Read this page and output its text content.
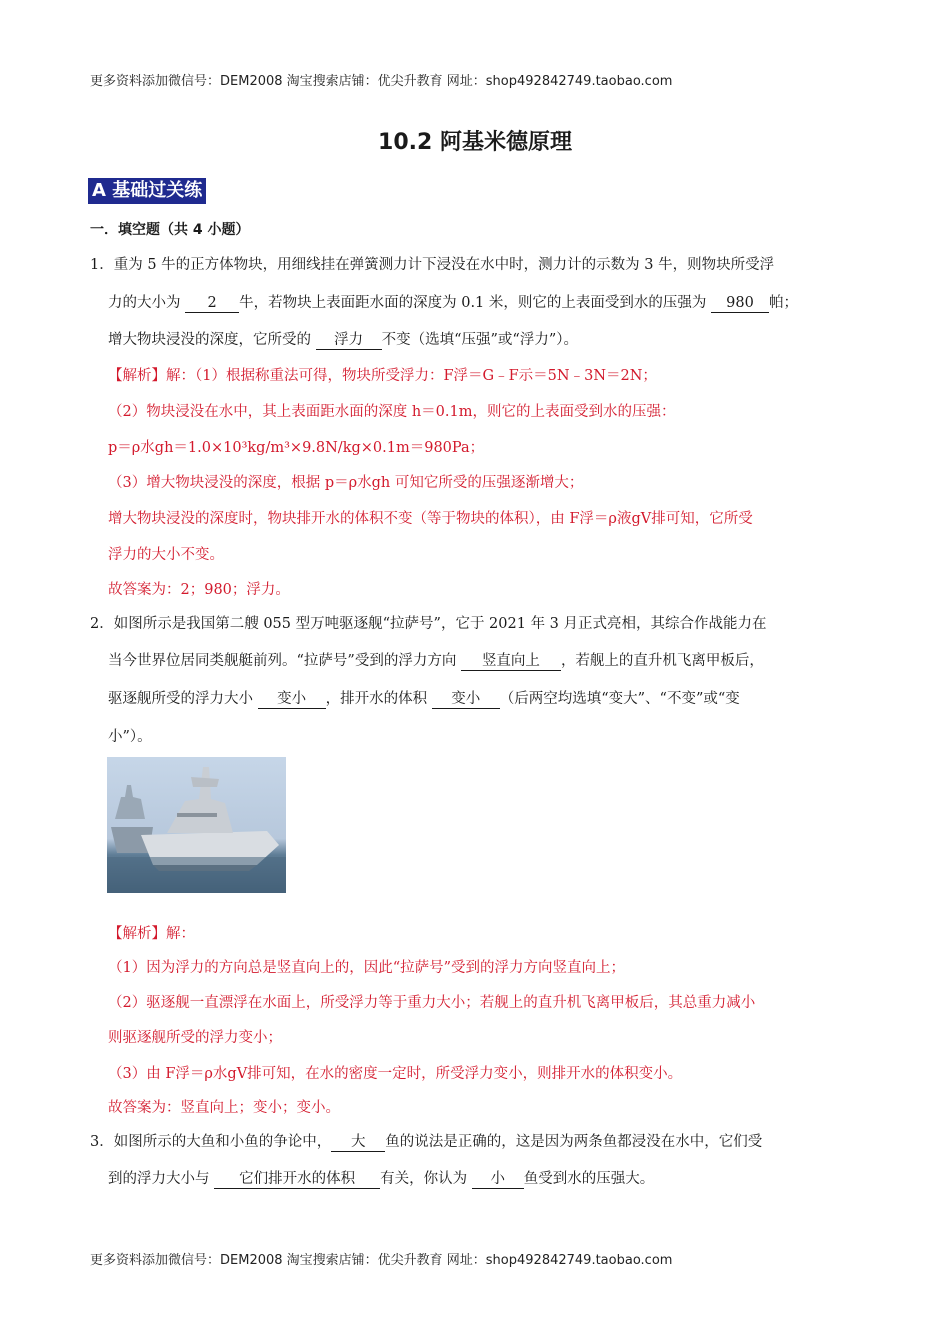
更多资料添加微信号：DEM2008 淘宝搜索店铺：优尖升教育 网址：shop492842749.taobao.com
10.2 阿基米德原理
A 基础过关练
一．填空题（共 4 小题）
1．重为 5 牛的正方体物块，用细线挂在弹簧测力计下浸没在水中时，测力计的示数为 3 牛，则物块所受浮
力的大小为 2 牛，若物块上表面距水面的深度为 0.1 米，则它的上表面受到水的压强为 980 帕；
增大物块浸没的深度，它所受的 浮力 不变（选填“压强”或“浮力”）。
【解析】解：（1）根据称重法可得，物块所受浮力：F浮＝G﹣F示＝5N﹣3N＝2N；
（2）物块浸没在水中，其上表面距水面的深度 h＝0.1m，则它的上表面受到水的压强：
p＝ρ水gh＝1.0×10³kg/m³×9.8N/kg×0.1m＝980Pa；
（3）增大物块浸没的深度，根据 p＝ρ水gh 可知它所受的压强逐渐增大；
增大物块浸没的深度时，物块排开水的体积不变（等于物块的体积），由 F浮＝ρ液gV排可知，它所受
浮力的大小不变。
故答案为：2；980；浮力。
2．如图所示是我国第二艘 055 型万吨驱逐舰“拉萨号”，它于 2021 年 3 月正式亮相，其综合作战能力在
当今世界位居同类舰艇前列。“拉萨号”受到的浮力方向 竖直向上 ，若舰上的直升机飞离甲板后，
驱逐舰所受的浮力大小 变小 ，排开水的体积 变小 （后两空均选填“变大”、“不变”或“变
小”）。
【解析】解：
（1）因为浮力的方向总是竖直向上的，因此“拉萨号”受到的浮力方向竖直向上；
（2）驱逐舰一直漂浮在水面上，所受浮力等于重力大小；若舰上的直升机飞离甲板后，其总重力减小
则驱逐舰所受的浮力变小；
（3）由 F浮＝ρ水gV排可知，在水的密度一定时，所受浮力变小，则排开水的体积变小。
故答案为：竖直向上；变小；变小。
3．如图所示的大鱼和小鱼的争论中， 大 鱼的说法是正确的，这是因为两条鱼都浸没在水中，它们受
到的浮力大小与 它们排开水的体积 有关，你认为 小 鱼受到水的压强大。
更多资料添加微信号：DEM2008 淘宝搜索店铺：优尖升教育 网址：shop492842749.taobao.com
